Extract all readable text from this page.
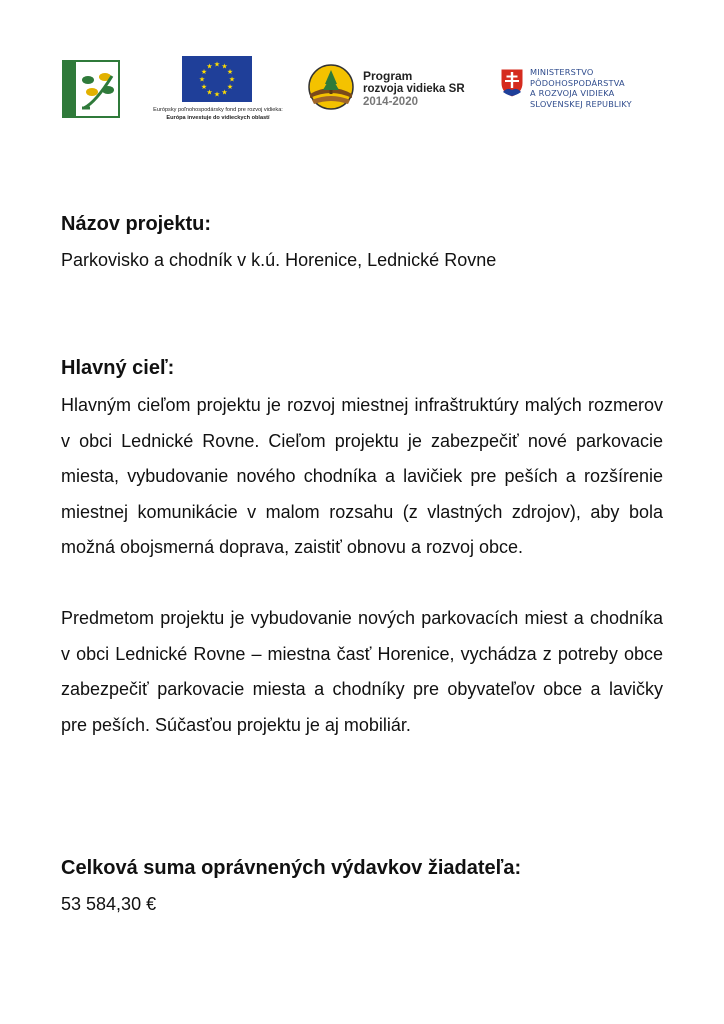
★ ★
★
★
★
★
★
★
★
★
★
★
Európsky poľnohospodársky fond pre rozvoj vidieka:
Európa investuje do vidieckych oblastí
Program
rozvoja vidieka SR
2014-2020
MINISTERSTVO
PÔDOHOSPODÁRSTVA
A ROZVOJA VIDIEKA
SLOVENSKEJ REPUBLIKY
Názov projektu:
Parkovisko a chodník v k.ú. Horenice, Lednické Rovne
Hlavný cieľ:

Hlavným cieľom projektu je rozvoj miestnej infraštruktúry malých rozmerov v obci Lednické Rovne. Cieľom projektu je zabezpečiť nové parkovacie miesta, vybudovanie nového chodníka a lavičiek pre peších a rozšírenie miestnej komunikácie v malom rozsahu (z vlastných zdrojov), aby bola možná obojsmerná doprava, zaistiť obnovu a rozvoj obce.

Predmetom projektu je vybudovanie nových parkovacích miest a chodníka v obci Lednické Rovne – miestna časť Horenice, vychádza z potreby obce zabezpečiť parkovacie miesta a chodníky pre obyvateľov obce a lavičky pre peších. Súčasťou projektu je aj mobiliár.

Celková suma oprávnených výdavkov žiadateľa:
53 584,30 €
